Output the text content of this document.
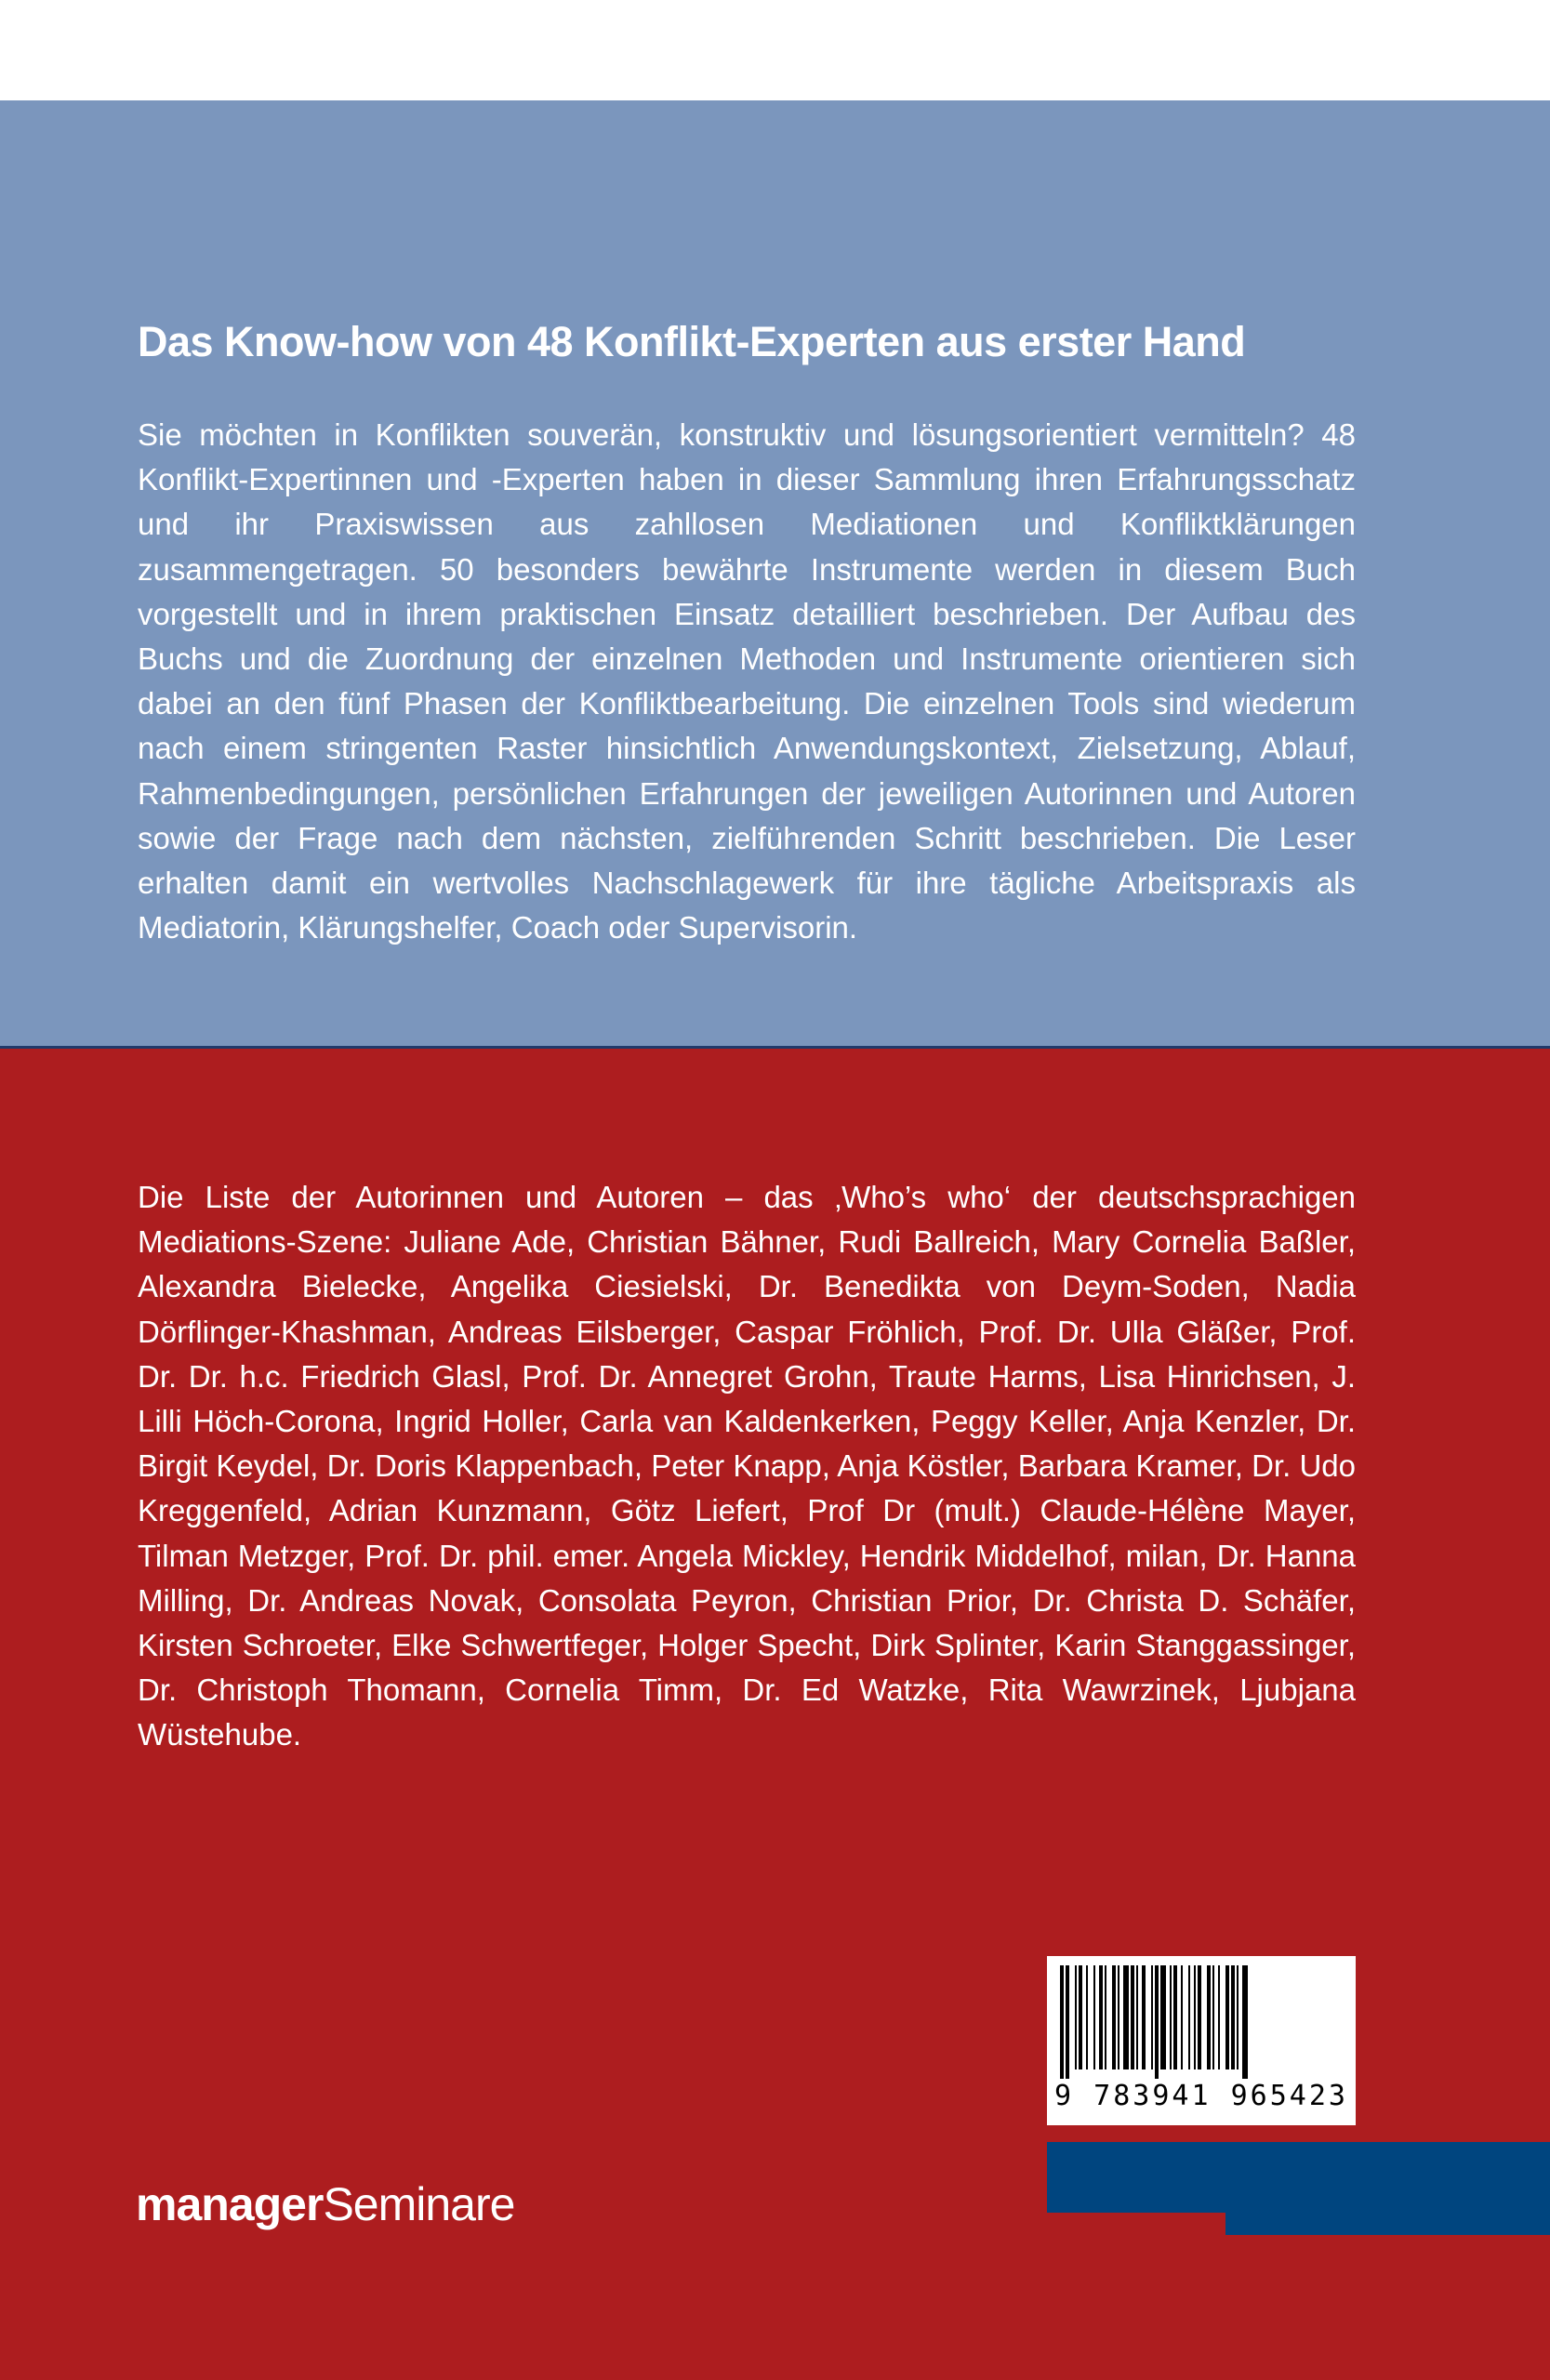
Das Know-how von 48 Konflikt-Experten aus erster Hand
Sie möchten in Konflikten souverän, konstruktiv und lösungsorientiert vermitteln? 48 Konflikt-Expertinnen und -Experten haben in dieser Sammlung ihren Erfahrungsschatz und ihr Praxiswissen aus zahllosen Mediationen und Konfliktklärungen zusammengetragen. 50 besonders bewährte Instrumente werden in diesem Buch vorgestellt und in ihrem praktischen Einsatz detailliert beschrieben. Der Aufbau des Buchs und die Zuordnung der einzelnen Methoden und Instrumente orientieren sich dabei an den fünf Phasen der Konfliktbearbeitung. Die einzelnen Tools sind wiederum nach einem stringenten Raster hinsichtlich Anwendungskontext, Zielsetzung, Ablauf, Rahmenbedingungen, persönlichen Erfahrungen der jeweiligen Autorinnen und Autoren sowie der Frage nach dem nächsten, zielführenden Schritt beschrieben. Die Leser erhalten damit ein wertvolles Nachschlagewerk für ihre tägliche Arbeitspraxis als Mediatorin, Klärungshelfer, Coach oder Supervisorin.
Die Liste der Autorinnen und Autoren – das ‚Who’s who‘ der deutschsprachigen Mediations-Szene: Juliane Ade, Christian Bähner, Rudi Ballreich, Mary Cornelia Baßler, Alexandra Bielecke, Angelika Ciesielski, Dr. Benedikta von Deym-Soden, Nadia Dörflinger-Khashman, Andreas Eilsberger, Caspar Fröhlich, Prof. Dr. Ulla Gläßer, Prof. Dr. Dr. h.c. Friedrich Glasl, Prof. Dr. Annegret Grohn, Traute Harms, Lisa Hinrichsen, J. Lilli Höch-Corona, Ingrid Holler, Carla van Kaldenkerken, Peggy Keller, Anja Kenzler, Dr. Birgit Keydel, Dr. Doris Klappenbach, Peter Knapp, Anja Köstler, Barbara Kramer, Dr. Udo Kreggenfeld, Adrian Kunzmann, Götz Liefert, Prof Dr (mult.) Claude-Hélène Mayer, Tilman Metzger, Prof. Dr. phil. emer. Angela Mickley, Hendrik Middelhof, milan, Dr. Hanna Milling, Dr. Andreas Novak, Consolata Peyron, Christian Prior, Dr. Christa D. Schäfer, Kirsten Schroeter, Elke Schwertfeger, Holger Specht, Dirk Splinter, Karin Stanggassinger, Dr. Christoph Thomann, Cornelia Timm, Dr. Ed Watzke, Rita Wawrzinek, Ljubjana Wüstehube.
9 783941 965423
managerSeminare
